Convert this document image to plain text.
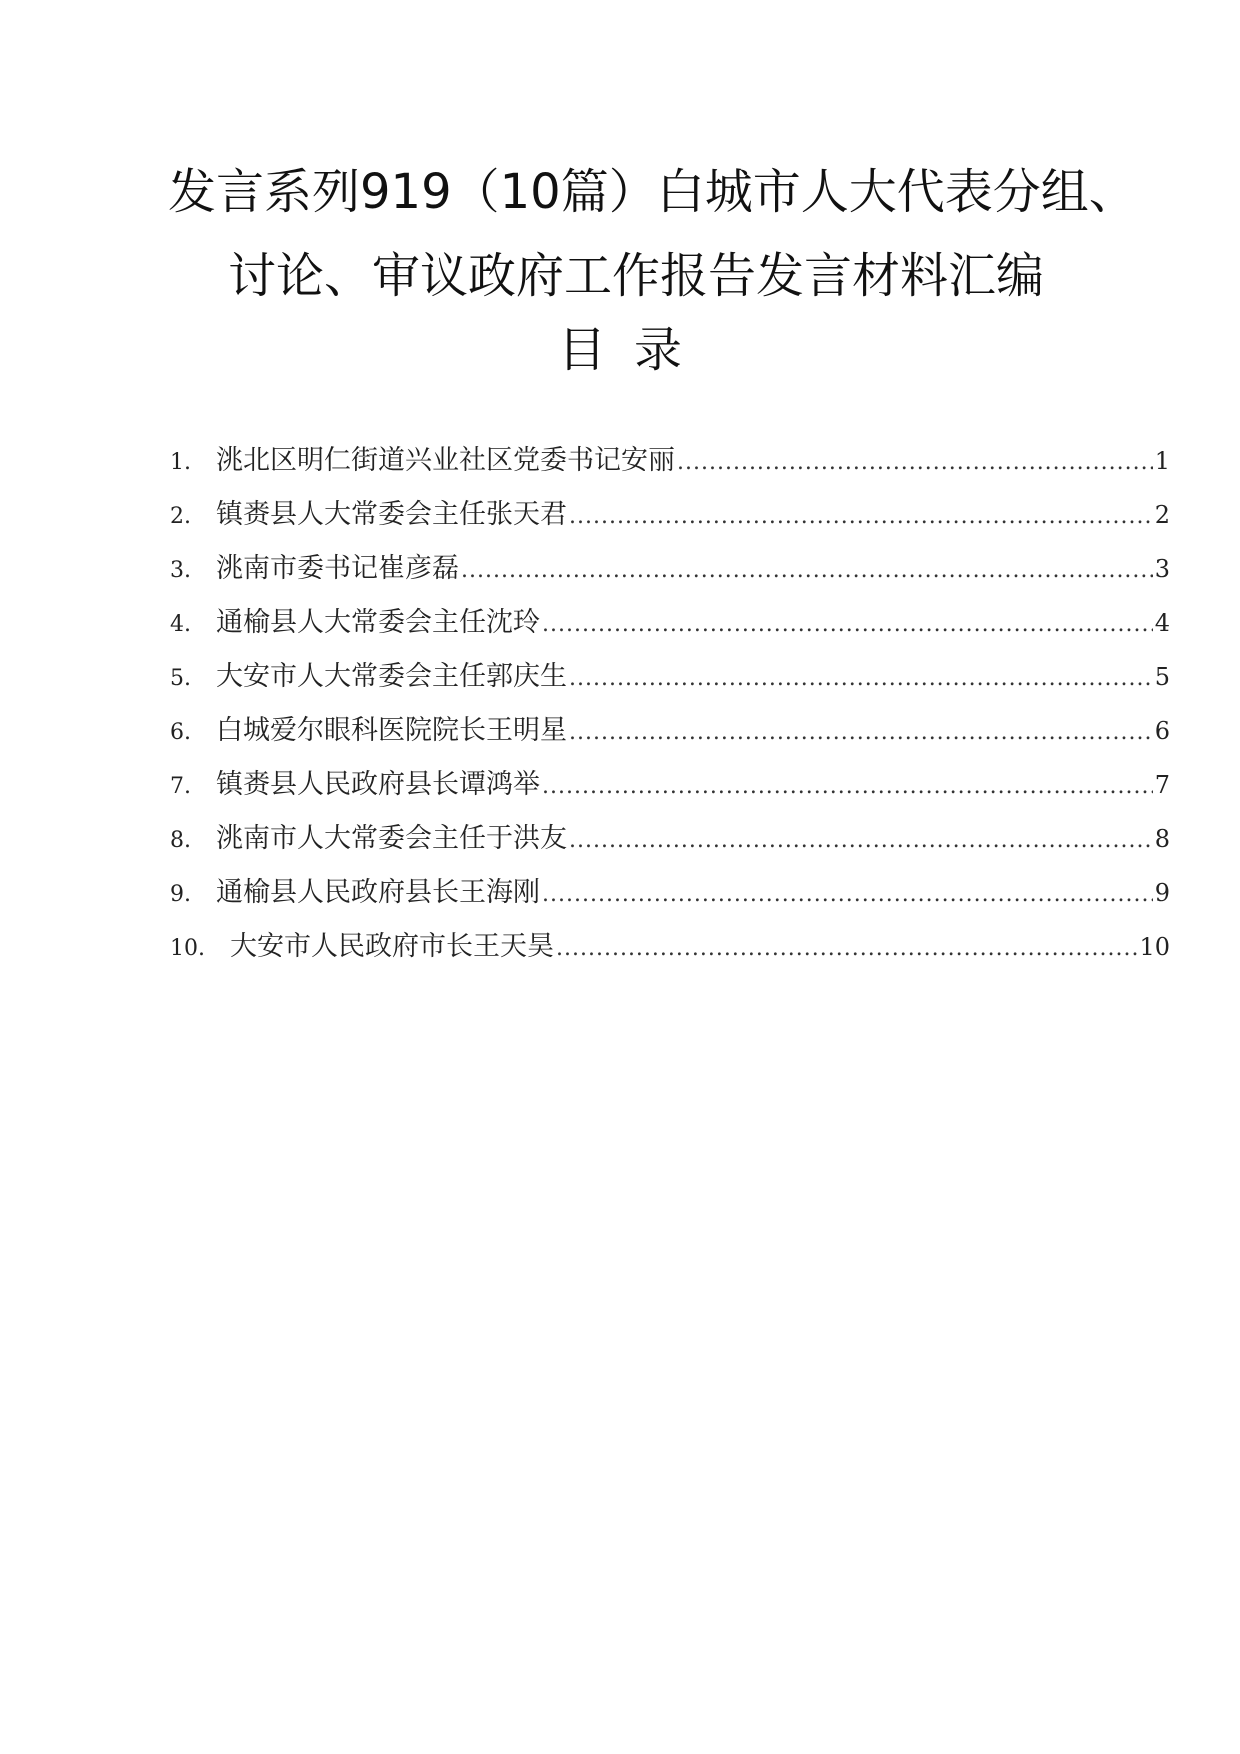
发言系列919（10篇）白城市人大代表分组、
讨论、审议政府工作报告发言材料汇编
目录
1. 洮北区明仁街道兴业社区党委书记安丽 .....	1
2. 镇赉县人大常委会主任张天君 .....	2
3. 洮南市委书记崔彦磊 .....	3
4. 通榆县人大常委会主任沈玲 .....	4
5. 大安市人大常委会主任郭庆生 .....	5
6. 白城爱尔眼科医院院长王明星 .....	6
7. 镇赉县人民政府县长谭鸿举 .....	7
8. 洮南市人大常委会主任于洪友 .....	8
9. 通榆县人民政府县长王海刚 .....	9
10. 大安市人民政府市长王天昊 .....	10
